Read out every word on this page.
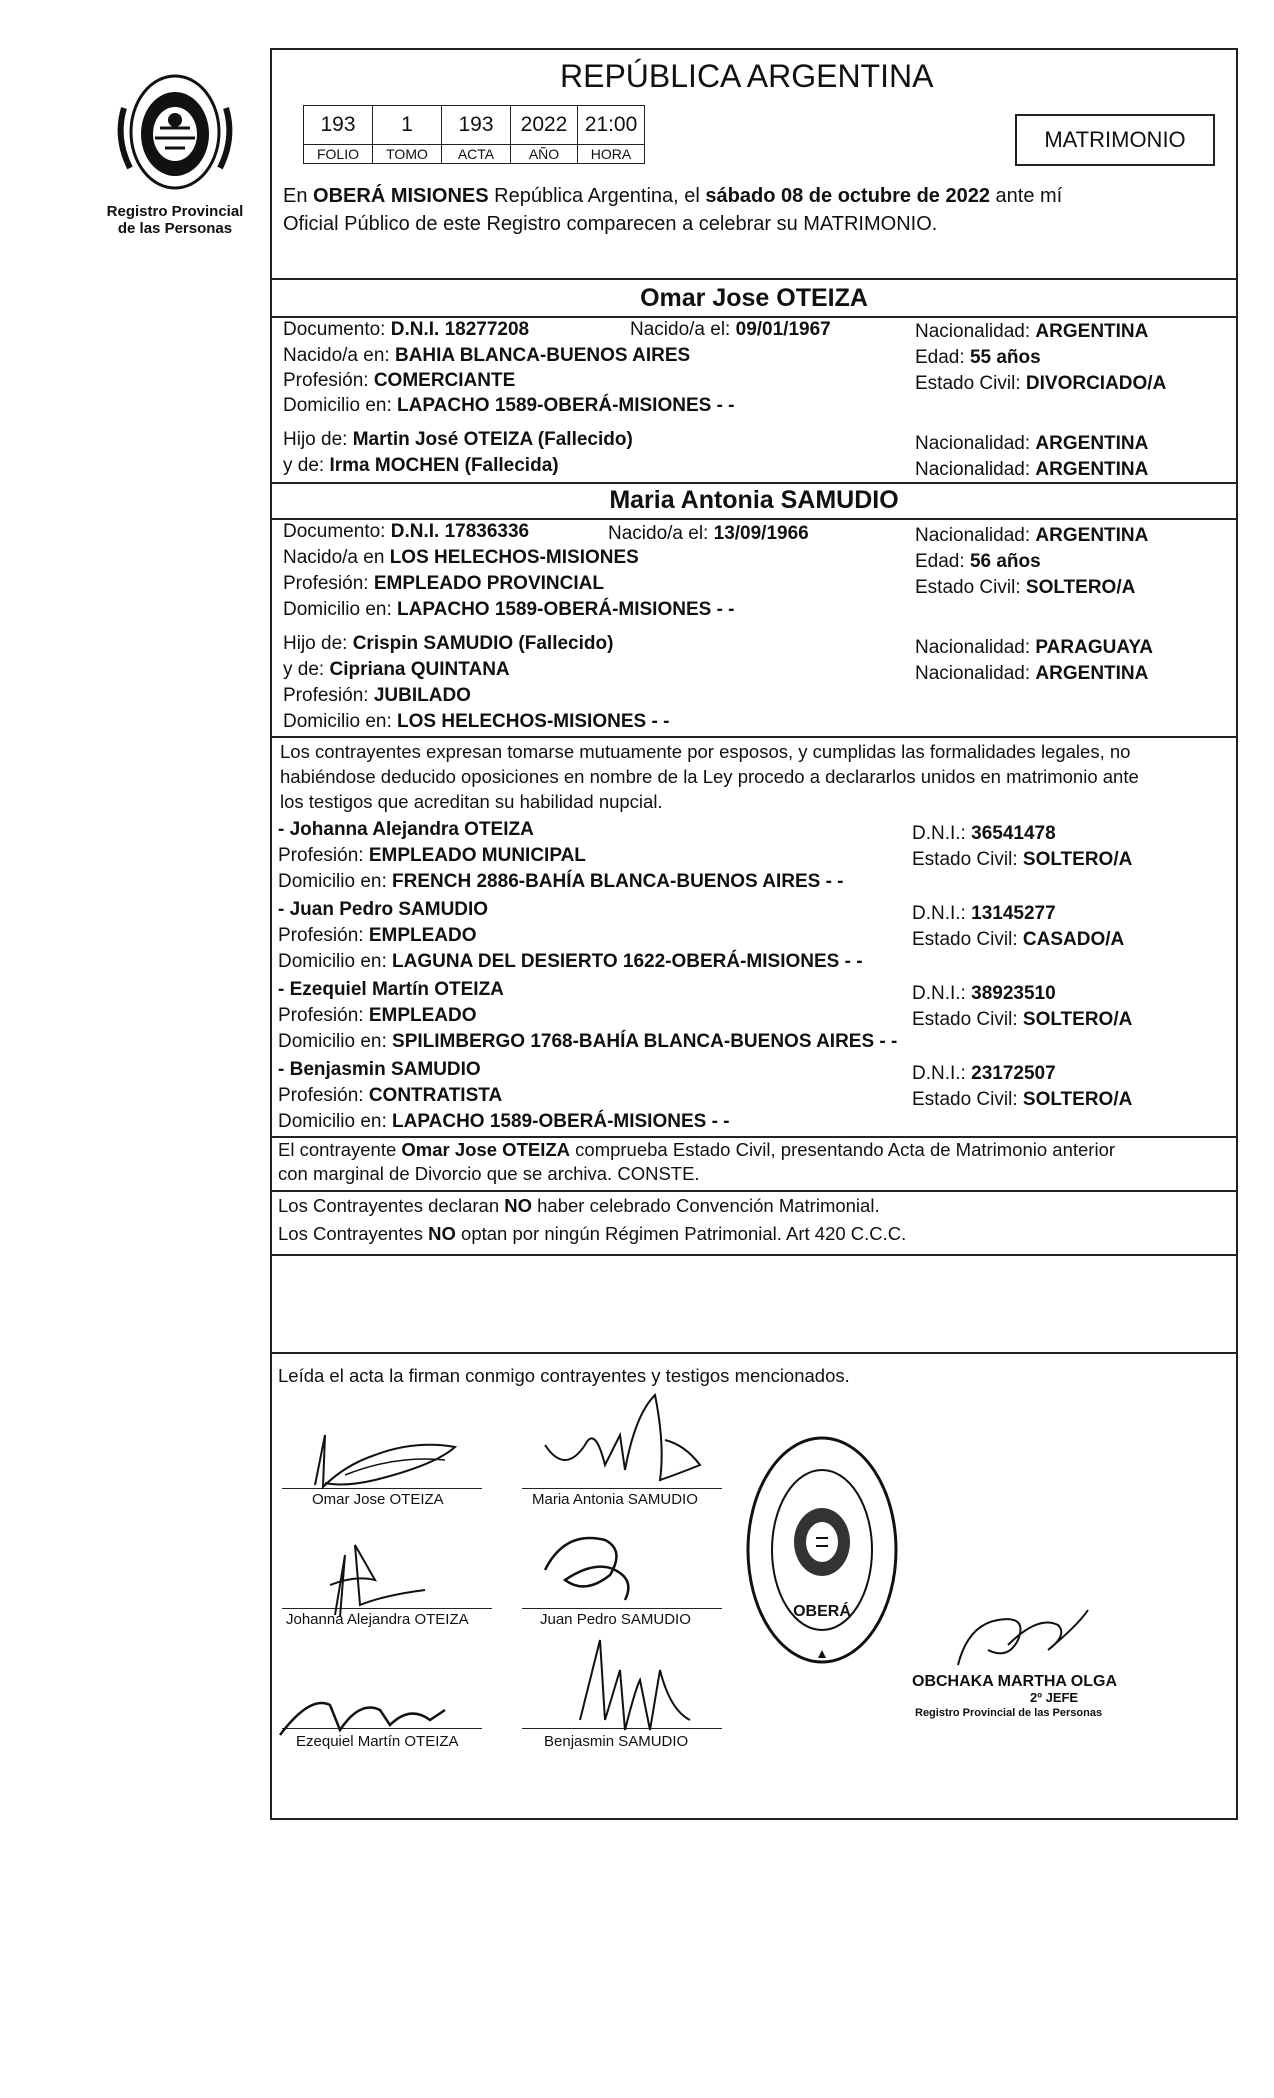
Registro Provincial
de las Personas
REPÚBLICA ARGENTINA
193	1	193	2022	21:00
FOLIO	TOMO	ACTA	AÑO	HORA
MATRIMONIO
En OBERÁ MISIONES República Argentina, el sábado 08 de octubre de 2022 ante mí
Oficial Público de este Registro comparecen a celebrar su MATRIMONIO.
Omar Jose OTEIZA
Documento: D.N.I. 18277208	Nacido/a el: 09/01/1967	Nacionalidad: ARGENTINA
Nacido/a en: BAHIA BLANCA-BUENOS AIRES	Edad: 55 años
Profesión: COMERCIANTE	Estado Civil: DIVORCIADO/A
Domicilio en: LAPACHO 1589-OBERÁ-MISIONES - -
Hijo de: Martin José OTEIZA (Fallecido)	Nacionalidad: ARGENTINA
y de: Irma MOCHEN (Fallecida)	Nacionalidad: ARGENTINA
Maria Antonia SAMUDIO
Documento: D.N.I. 17836336	Nacido/a el: 13/09/1966	Nacionalidad: ARGENTINA
Nacido/a en LOS HELECHOS-MISIONES	Edad: 56 años
Profesión: EMPLEADO PROVINCIAL	Estado Civil: SOLTERO/A
Domicilio en: LAPACHO 1589-OBERÁ-MISIONES - -
Hijo de: Crispin SAMUDIO (Fallecido)	Nacionalidad: PARAGUAYA
y de: Cipriana QUINTANA	Nacionalidad: ARGENTINA
Profesión: JUBILADO
Domicilio en: LOS HELECHOS-MISIONES - -
Los contrayentes expresan tomarse mutuamente por esposos, y cumplidas las formalidades legales, no
habiéndose deducido oposiciones en nombre de la Ley procedo a declararlos unidos en matrimonio ante
los testigos que acreditan su habilidad nupcial.
- Johanna Alejandra OTEIZA	D.N.I.: 36541478
Profesión: EMPLEADO MUNICIPAL	Estado Civil: SOLTERO/A
Domicilio en: FRENCH 2886-BAHÍA BLANCA-BUENOS AIRES - -
- Juan Pedro SAMUDIO	D.N.I.: 13145277
Profesión: EMPLEADO	Estado Civil: CASADO/A
Domicilio en: LAGUNA DEL DESIERTO 1622-OBERÁ-MISIONES - -
- Ezequiel Martín OTEIZA	D.N.I.: 38923510
Profesión: EMPLEADO	Estado Civil: SOLTERO/A
Domicilio en: SPILIMBERGO 1768-BAHÍA BLANCA-BUENOS AIRES - -
- Benjasmin SAMUDIO	D.N.I.: 23172507
Profesión: CONTRATISTA	Estado Civil: SOLTERO/A
Domicilio en: LAPACHO 1589-OBERÁ-MISIONES - -
El contrayente Omar Jose OTEIZA comprueba Estado Civil, presentando Acta de Matrimonio anterior
con marginal de Divorcio que se archiva. CONSTE.
Los Contrayentes declaran NO haber celebrado Convención Matrimonial.
Los Contrayentes NO optan por ningún Régimen Patrimonial. Art 420 C.C.C.
Leída el acta la firman conmigo contrayentes y testigos mencionados.
Omar Jose OTEIZA	Maria Antonia SAMUDIO
Johanna Alejandra OTEIZA	Juan Pedro SAMUDIO
Ezequiel Martín OTEIZA	Benjasmin SAMUDIO
OBERÁ
OBCHAKA MARTHA OLGA
2º JEFE
Registro Provincial de las Personas
